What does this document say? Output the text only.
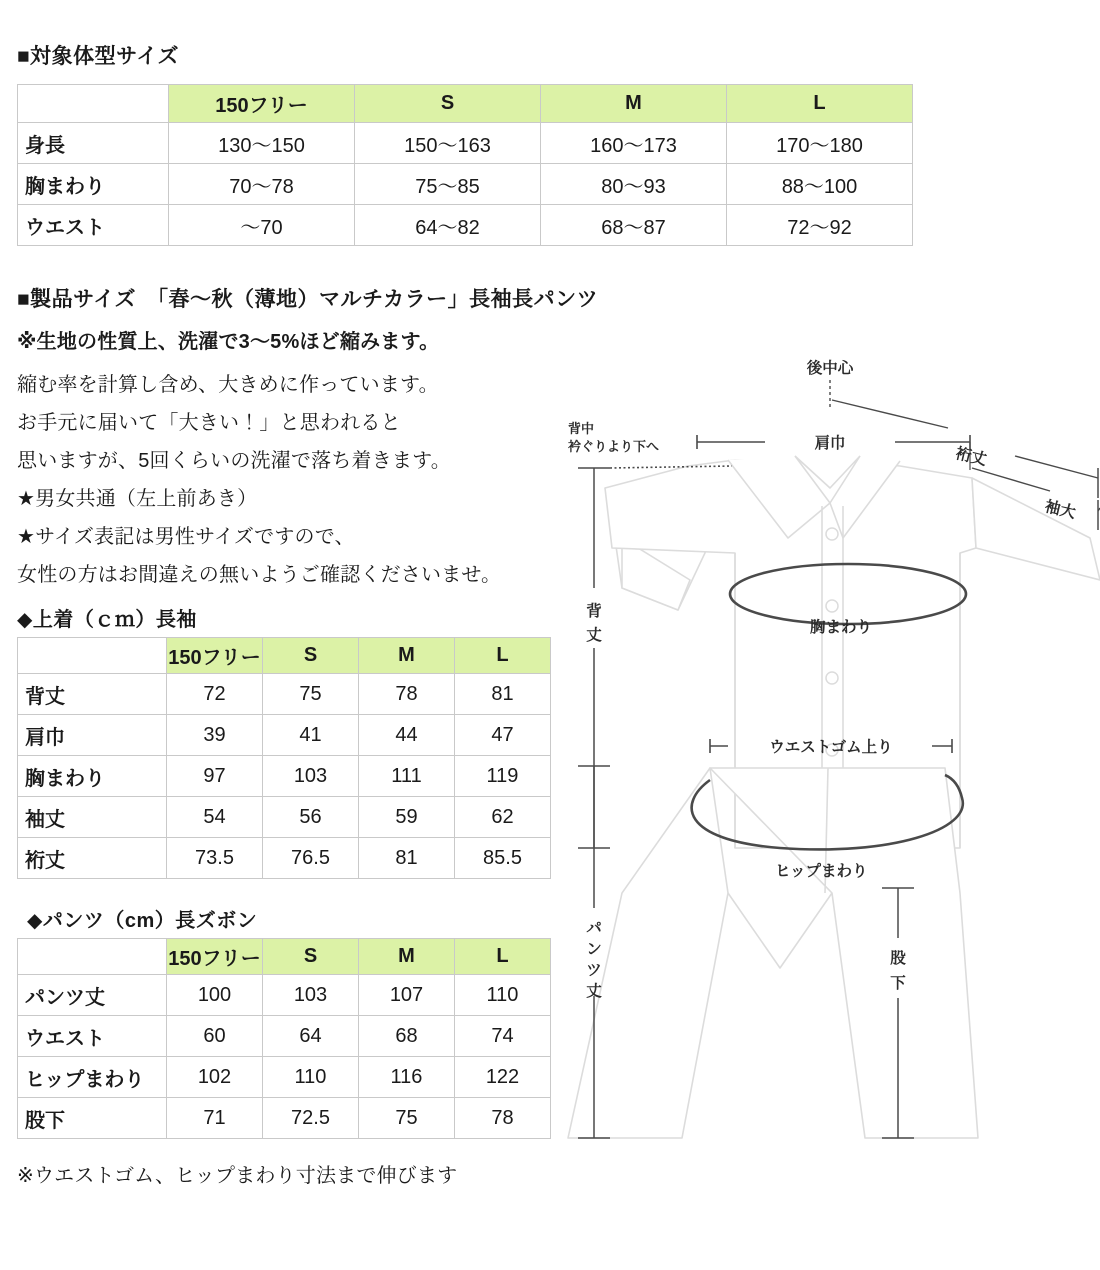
■対象体型サイズ
	150フリー	S	M	L
身長	130〜150	150〜163	160〜173	170〜180
胸まわり	70〜78	75〜85	80〜93	88〜100
ウエスト	〜70	64〜82	68〜87	72〜92
■製品サイズ　「春〜秋（薄地）マルチカラー」長袖長パンツ
※生地の性質上、洗濯で3〜5%ほど縮みます。
縮む率を計算し含め、大きめに作っています。
お手元に届いて「大きい！」と思われると
思いますが、5回くらいの洗濯で落ち着きます。
★男女共通（左上前あき）
★サイズ表記は男性サイズですので、
女性の方はお間違えの無いようご確認くださいませ。
◆上着（ｃｍ）長袖
	150フリー	S	M	L
背丈	72	75	78	81
肩巾	39	41	44	47
胸まわり	97	103	111	119
袖丈	54	56	59	62
裄丈	73.5	76.5	81	85.5
◆パンツ（cm）長ズボン
	150フリー	S	M	L
パンツ丈	100	103	107	110
ウエスト	60	64	68	74
ヒップまわり	102	110	116	122
股下	71	72.5	75	78
※ウエストゴム、ヒップまわり寸法まで伸びます
後中心
肩巾
裄丈
袖大
背中
衿ぐりより下へ
背
丈	胸まわり
ウエストゴム上り
ヒップまわり
パ
ン
ツ
丈
股
下
